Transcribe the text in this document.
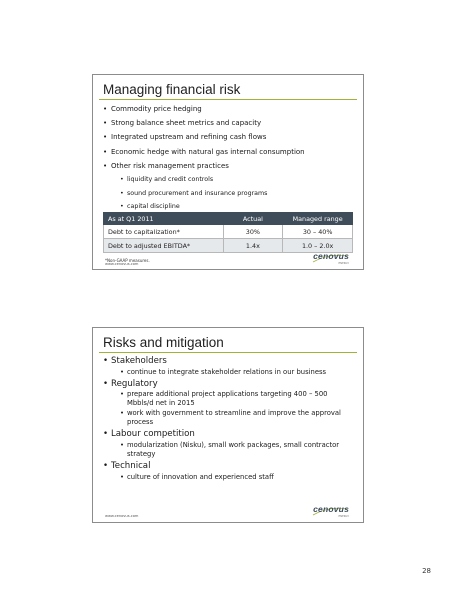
Managing financial risk
• Commodity price hedging
• Strong balance sheet metrics and capacity
• Integrated upstream and refining cash flows
• Economic hedge with natural gas internal consumption
• Other risk management practices
• liquidity and credit controls
• sound procurement and insurance programs
• capital discipline
As at Q1 2011	Actual	Managed range
Debt to capitalization*	30%	30 – 40%
Debt to adjusted EBITDA*	1.4x	1.0 – 2.0x
*Non-GAAP measures.
www.cenovus.com
cenovus
ENERGY
Risks and mitigation
• Stakeholders
• continue to integrate stakeholder relations in our business
• Regulatory
• prepare additional project applications targeting 400 – 500 Mbbls/d net in 2015
• work with government to streamline and improve the approval process
• Labour competition
• modularization (Nisku), small work packages, small contractor strategy
• Technical
• culture of innovation and experienced staff
www.cenovus.com
cenovus
ENERGY
28
